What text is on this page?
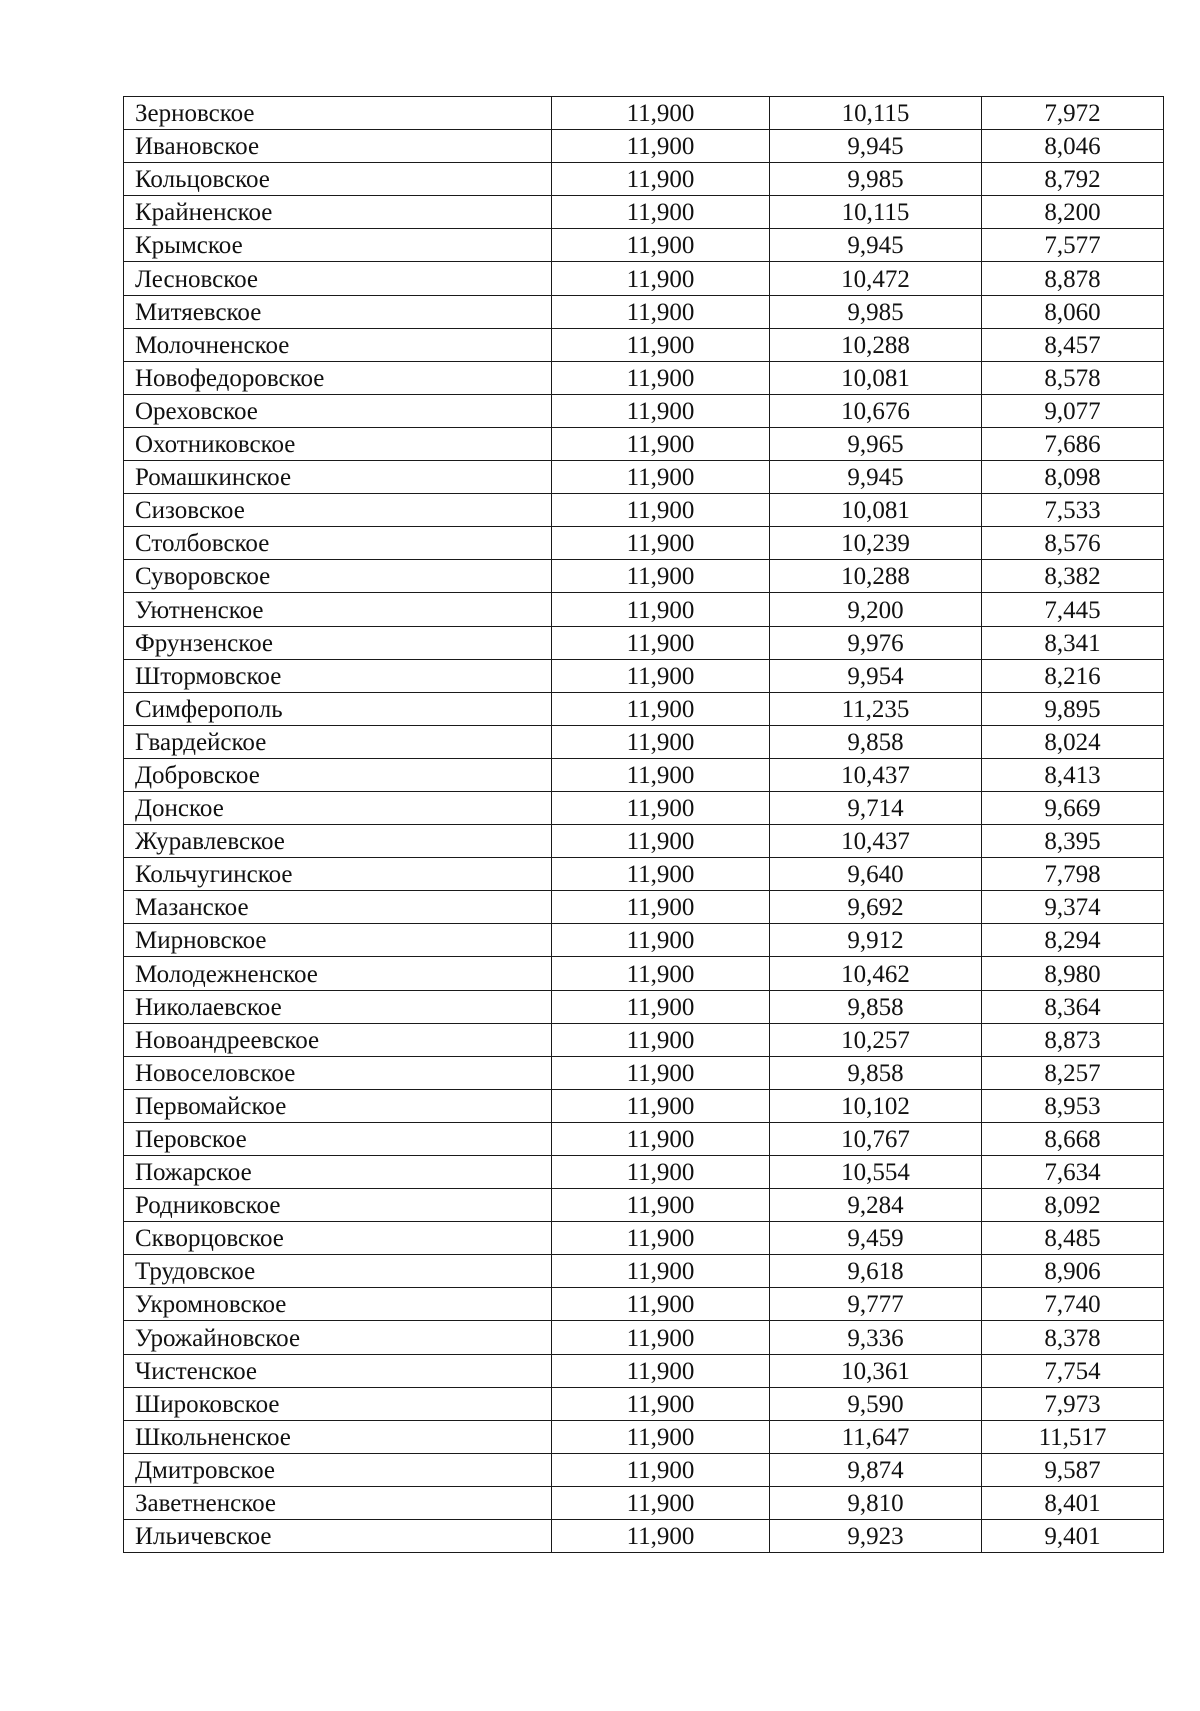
Зерновское	11,900	10,115	7,972
Ивановское	11,900	9,945	8,046
Кольцовское	11,900	9,985	8,792
Крайненское	11,900	10,115	8,200
Крымское	11,900	9,945	7,577
Лесновское	11,900	10,472	8,878
Митяевское	11,900	9,985	8,060
Молочненское	11,900	10,288	8,457
Новофедоровское	11,900	10,081	8,578
Ореховское	11,900	10,676	9,077
Охотниковское	11,900	9,965	7,686
Ромашкинское	11,900	9,945	8,098
Сизовское	11,900	10,081	7,533
Столбовское	11,900	10,239	8,576
Суворовское	11,900	10,288	8,382
Уютненское	11,900	9,200	7,445
Фрунзенское	11,900	9,976	8,341
Штормовское	11,900	9,954	8,216
Симферополь	11,900	11,235	9,895
Гвардейское	11,900	9,858	8,024
Добровское	11,900	10,437	8,413
Донское	11,900	9,714	9,669
Журавлевское	11,900	10,437	8,395
Кольчугинское	11,900	9,640	7,798
Мазанское	11,900	9,692	9,374
Мирновское	11,900	9,912	8,294
Молодежненское	11,900	10,462	8,980
Николаевское	11,900	9,858	8,364
Новоандреевское	11,900	10,257	8,873
Новоселовское	11,900	9,858	8,257
Первомайское	11,900	10,102	8,953
Перовское	11,900	10,767	8,668
Пожарское	11,900	10,554	7,634
Родниковское	11,900	9,284	8,092
Скворцовское	11,900	9,459	8,485
Трудовское	11,900	9,618	8,906
Укромновское	11,900	9,777	7,740
Урожайновское	11,900	9,336	8,378
Чистенское	11,900	10,361	7,754
Широковское	11,900	9,590	7,973
Школьненское	11,900	11,647	11,517
Дмитровское	11,900	9,874	9,587
Заветненское	11,900	9,810	8,401
Ильичевское	11,900	9,923	9,401
